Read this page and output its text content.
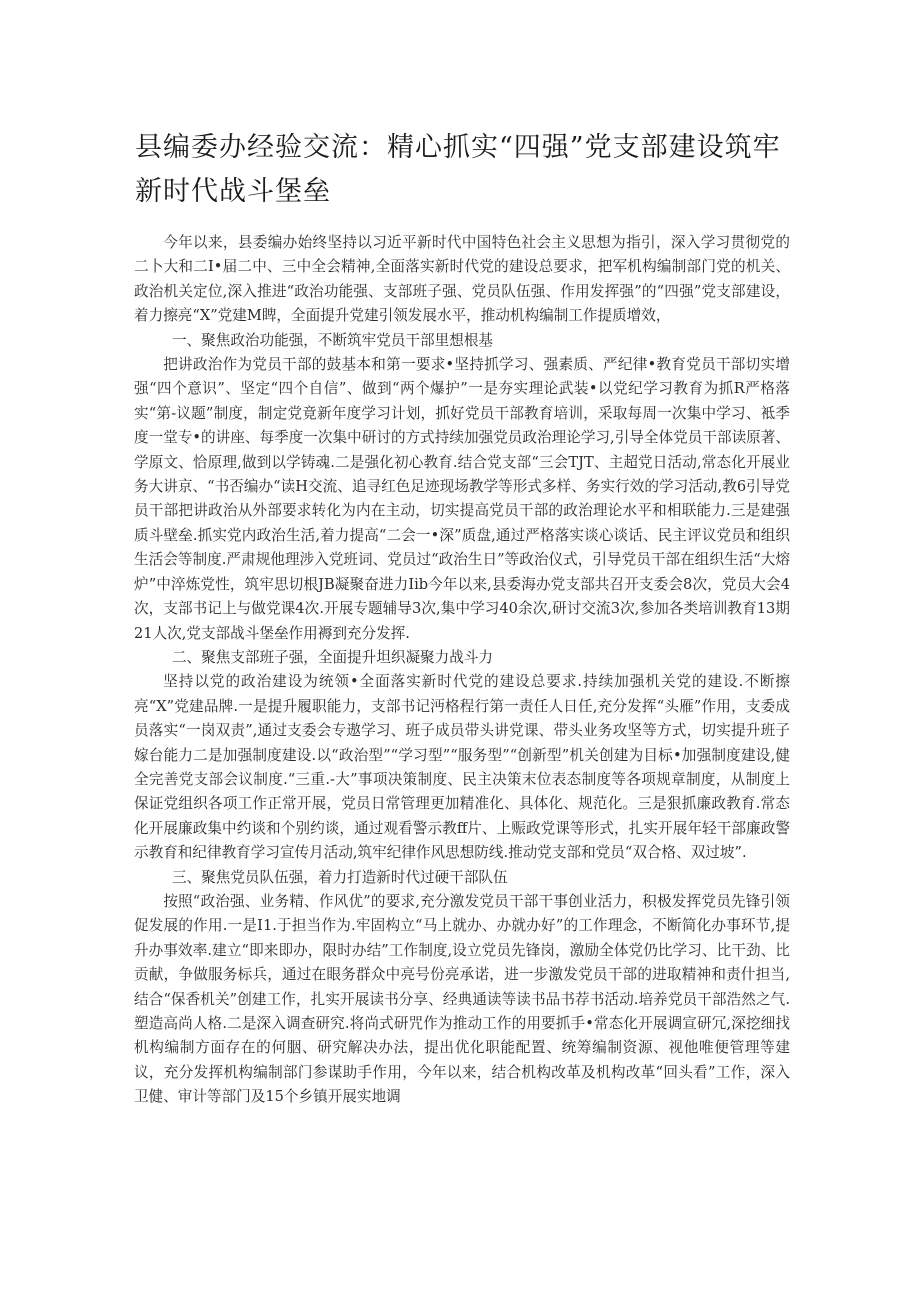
县编委办经验交流：精心抓实“四强”党支部建设筑牢新时代战斗堡垒

今年以来，县委编办始终坚持以习近平新时代中国特色社会主义思想为指引，深入学习贯彻党的二卜大和二I•届二中、三中全会精神,全面落实新时代党的建设总要求，把军机构编制部门党的机关、政治机关定位,深入推进“政治功能强、支部班子强、党员队伍强、作用发挥强”的“四强”党支部建设，着力擦亮“X”党建M睥，全面提升党建引领发展水平，推动机构编制工作提质增效，

一、聚焦政治功能强，不断筑牢党员干部里想根基

把讲政治作为党员干部的鼓基本和第一要求•坚持抓学习、强素质、严纪律•教育党员干部切实增强“四个意识”、坚定“四个自信”、做到“两个爆护”一是夯实理论武装•以党纪学习教育为抓R严格落实“第-议题”制度，制定党竟新年度学习计划，抓好党员干部教育培训，采取每周一次集中学习、袛季度一堂专•的讲座、每季度一次集中研讨的方式持续加强党员政治理论学习,引导全体党员干部读原著、学原文、恰原理,做到以学铸魂.二是强化初心教育.结合党支部“三会TJT、主超党日活动,常态化开展业务大讲京、“书否编办“读H交流、追寻红色足迹现场教学等形式多样、务实行效的学习活动,教6引导党员干部把讲政治从外部要求转化为内在主动，切实提高党员干部的政治理论水平和相联能力.三是建强质斗壁垒.抓实党内政治生活,着力提高“二会一•深”质盘,通过严格落实谈心谈话、民主评议党员和组织生活会等制度.严肃规他理涉入党班词、党员过“政治生日”等政治仪式，引导党员干部在组织生活“大熔炉”中淬炼党性，筑牢思切根JB凝聚奋进力Iib今年以来,县委海办党支部共召开支委会8次，党员大会4次，支部书记上与做党课4次.开展专题辅导3次,集中学习40余次,研讨交流3次,参加各类培训教育13期21人次,党支部战斗堡垒作用褥到充分发挥.

二、聚焦支部班子强，全面提升坦织凝聚力战斗力

坚持以党的政治建设为统领•全面落实新时代党的建设总要求.持续加强机关党的建设.不断擦亮“X”党建品牌.一是提升履职能力，支部书记沔格程行第一责任人日任,充分发挥“头雁”作用，支委成员落实“一岗双责”,通过支委会专遨学习、班子成员带头讲党课、带头业务攻坚等方式，切实提升班子嫁台能力二是加强制度建设.以“政治型”“学习型”“服务型”“创新型”机关创建为目标•加强制度建设,健全完善党支部会议制度.“三重.-大”事项决策制度、民主决策末位表态制度等各项规章制度，从制度上保证党组织各项工作正常开展，党员日常管理更加精准化、具体化、规范化。三是狠抓廉政教育.常态化开展廉政集中约谈和个别约谈，通过观看警示教ff片、上赈政党课等形式，扎实开展年轻干部廉政警示教育和纪律教育学习宣传月活动,筑牢纪律作风思想防线.推动党支部和党员“双合格、双过坡”.

三、聚焦党员队伍强，着力打造新时代过硬干部队伍

按照“政治强、业务精、作风优”的要求,充分激发党员干部干事创业活力，积极发挥党员先锋引领促发展的作用.一是I1.于担当作为.牢固构立“马上就办、办就办好”的工作理念，不断简化办事环节,提升办事效率.建立“即来即办，限时办结”工作制度,设立党员先锋岗，激励全体党仍比学习、比干劲、比贡献，争做服务标兵，通过在眼务群众中亮号份亮承诺，进一步激发党员干部的进取精神和责什担当,结合“保香机关”创建工作，扎实开展读书分享、经典通读等读书品书荐书活动.培养党员干部浩然之气.塑造高尚人格.二是深入调查研究.将尚式研咒作为推动工作的用要抓手•常态化开展调宣研冗,深挖细找机构编制方面存在的何胭、研究解决办法，提出优化职能配置、统筹编制资源、视他唯便管理等建议，充分发挥机构编制部门参谋助手作用，今年以来，结合机构改革及机构改革“回头看”工作，深入卫健、审计等部门及15个乡镇开展实地调
